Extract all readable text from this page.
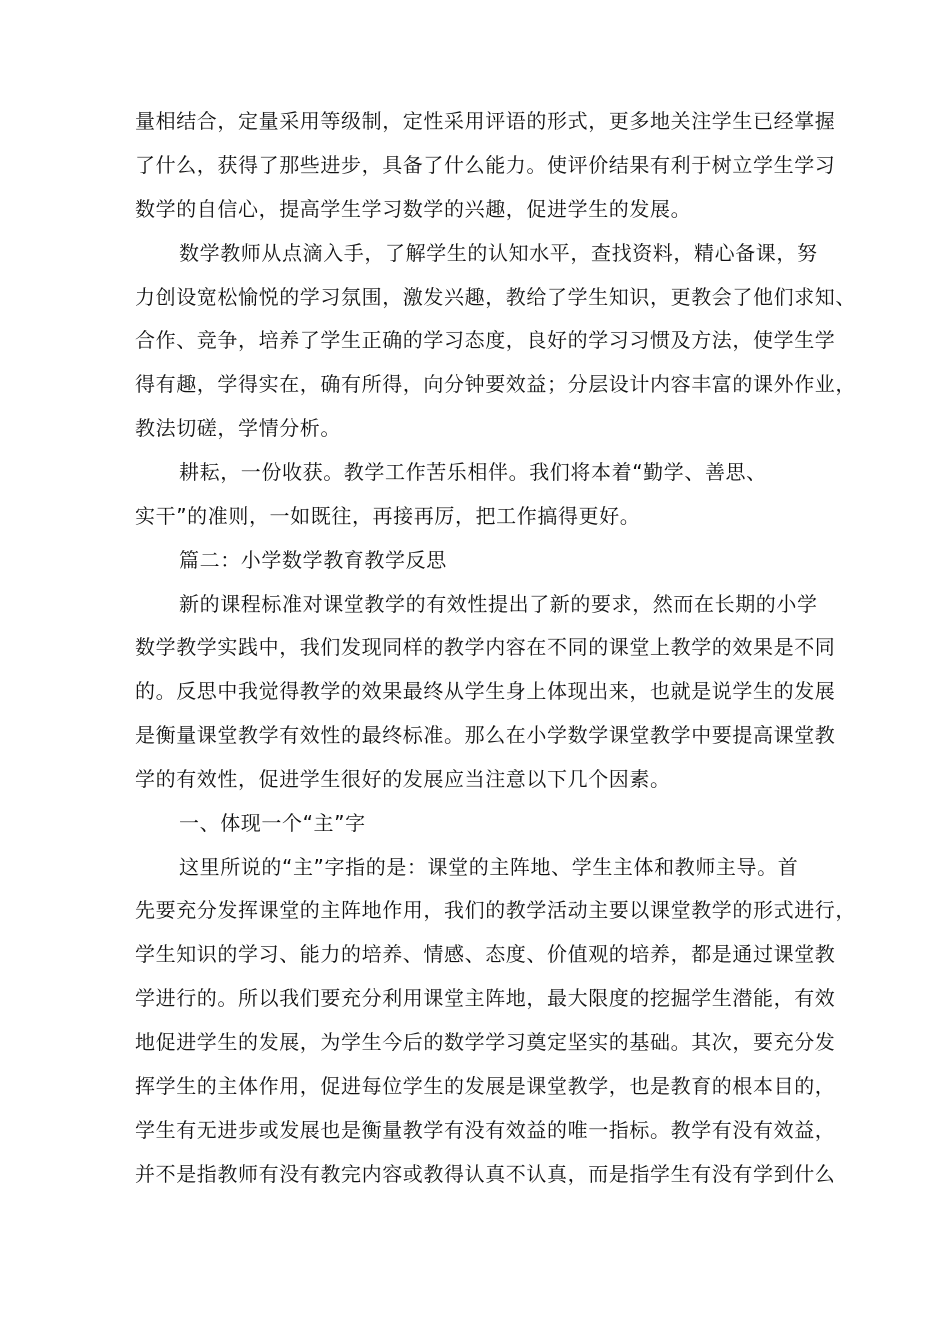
量相结合，定量采用等级制，定性采用评语的形式，更多地关注学生已经掌握
了什么，获得了那些进步，具备了什么能力。使评价结果有利于树立学生学习
数学的自信心，提高学生学习数学的兴趣，促进学生的发展。
数学教师从点滴入手，了解学生的认知水平，查找资料，精心备课，努
力创设宽松愉悦的学习氛围，激发兴趣，教给了学生知识，更教会了他们求知、
合作、竞争，培养了学生正确的学习态度，良好的学习习惯及方法，使学生学
得有趣，学得实在，确有所得，向分钟要效益；分层设计内容丰富的课外作业，
教法切磋，学情分析。
耕耘，一份收获。教学工作苦乐相伴。我们将本着“勤学、善思、
实干”的准则，一如既往，再接再厉，把工作搞得更好。
篇二：小学数学教育教学反思
新的课程标准对课堂教学的有效性提出了新的要求，然而在长期的小学
数学教学实践中，我们发现同样的教学内容在不同的课堂上教学的效果是不同
的。反思中我觉得教学的效果最终从学生身上体现出来，也就是说学生的发展
是衡量课堂教学有效性的最终标准。那么在小学数学课堂教学中要提高课堂教
学的有效性，促进学生很好的发展应当注意以下几个因素。
一、体现一个“主”字
这里所说的“主”字指的是：课堂的主阵地、学生主体和教师主导。首
先要充分发挥课堂的主阵地作用，我们的教学活动主要以课堂教学的形式进行，
学生知识的学习、能力的培养、情感、态度、价值观的培养，都是通过课堂教
学进行的。所以我们要充分利用课堂主阵地，最大限度的挖掘学生潜能，有效
地促进学生的发展，为学生今后的数学学习奠定坚实的基础。其次，要充分发
挥学生的主体作用，促进每位学生的发展是课堂教学，也是教育的根本目的，
学生有无进步或发展也是衡量教学有没有效益的唯一指标。教学有没有效益，
并不是指教师有没有教完内容或教得认真不认真，而是指学生有没有学到什么
